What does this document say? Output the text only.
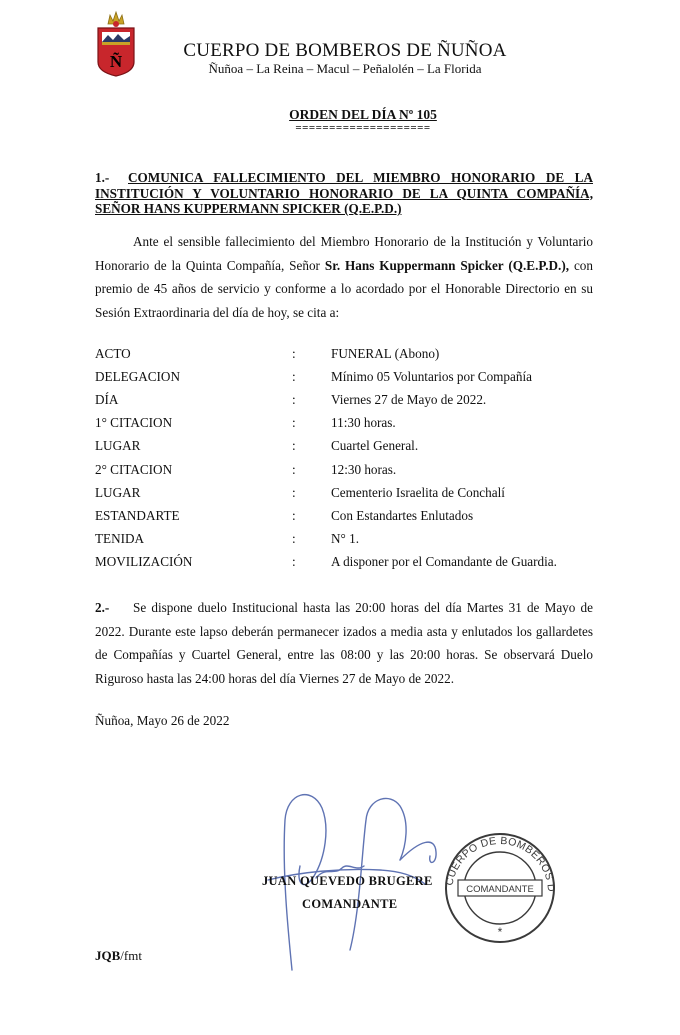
Ñ
CUERPO DE BOMBEROS DE ÑUÑOA
Ñuñoa – La Reina – Macul – Peñalolén – La Florida
ORDEN DEL DÍA Nº 105
====================
1.- COMUNICA FALLECIMIENTO DEL MIEMBRO HONORARIO DE LA INSTITUCIÓN Y VOLUNTARIO HONORARIO DE LA QUINTA COMPAÑÍA, SEÑOR HANS KUPPERMANN SPICKER (Q.E.P.D.)
Ante el sensible fallecimiento del Miembro Honorario de la Institución y Voluntario Honorario de la Quinta Compañía, Señor Sr. Hans Kuppermann Spicker (Q.E.P.D.), con premio de 45 años de servicio y conforme a lo acordado por el Honorable Directorio en su Sesión Extraordinaria del día de hoy, se cita a:
ACTO	:	FUNERAL (Abono)
DELEGACION	:	Mínimo 05 Voluntarios por Compañía
DÍA	:	Viernes 27 de Mayo de 2022.
1° CITACION	:	11:30 horas.
LUGAR	:	Cuartel General.
2° CITACION	:	12:30 horas.
LUGAR	:	Cementerio Israelita de Conchalí
ESTANDARTE	:	Con Estandartes Enlutados
TENIDA	:	N° 1.
MOVILIZACIÓN	:	A disponer por el Comandante de Guardia.
2.- Se dispone duelo Institucional hasta las 20:00 horas del día Martes 31 de Mayo de 2022. Durante este lapso deberán permanecer izados a media asta y enlutados los gallardetes de Compañías y Cuartel General, entre las 08:00 y las 20:00 horas. Se observará Duelo Riguroso hasta las 24:00 horas del día Viernes 27 de Mayo de 2022.
Ñuñoa, Mayo 26 de 2022
CUERPO DE BOMBEROS D
COMANDANTE
*
JUAN QUEVEDO BRUGERE
COMANDANTE
JQB/fmt
